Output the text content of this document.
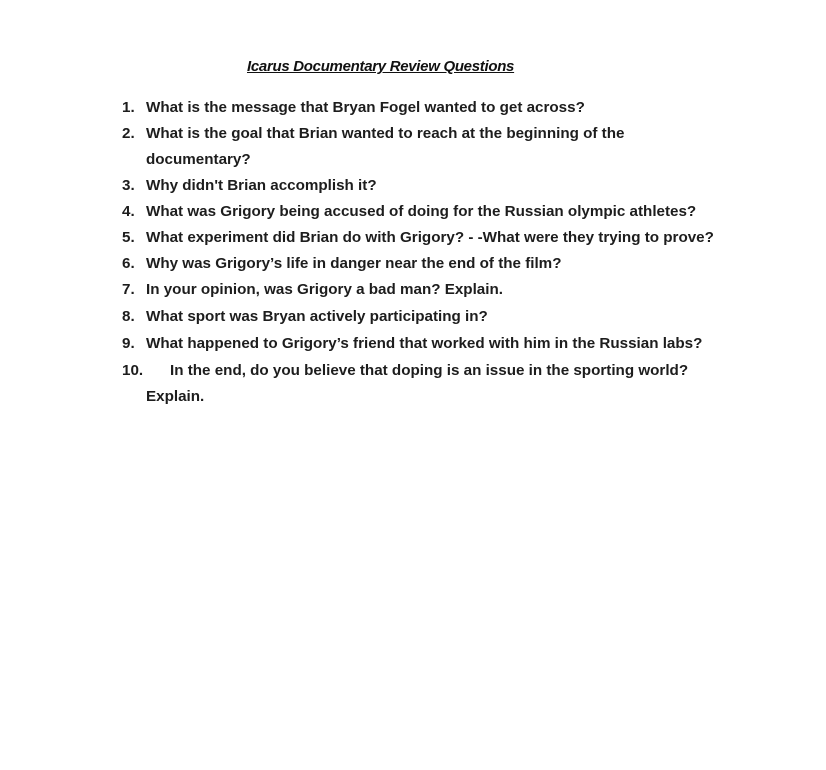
Icarus Documentary Review Questions
1. What is the message that Bryan Fogel wanted to get across?
2. What is the goal that Brian wanted to reach at the beginning of the documentary?
3. Why didn't Brian accomplish it?
4. What was Grigory being accused of doing for the Russian olympic athletes?
5. What experiment did Brian do with Grigory? - -What were they trying to prove?
6. Why was Grigory’s life in danger near the end of the film?
7. In your opinion, was Grigory a bad man? Explain.
8. What sport was Bryan actively participating in?
9. What happened to Grigory’s friend that worked with him in the Russian labs?
10. In the end, do you believe that doping is an issue in the sporting world? Explain.
